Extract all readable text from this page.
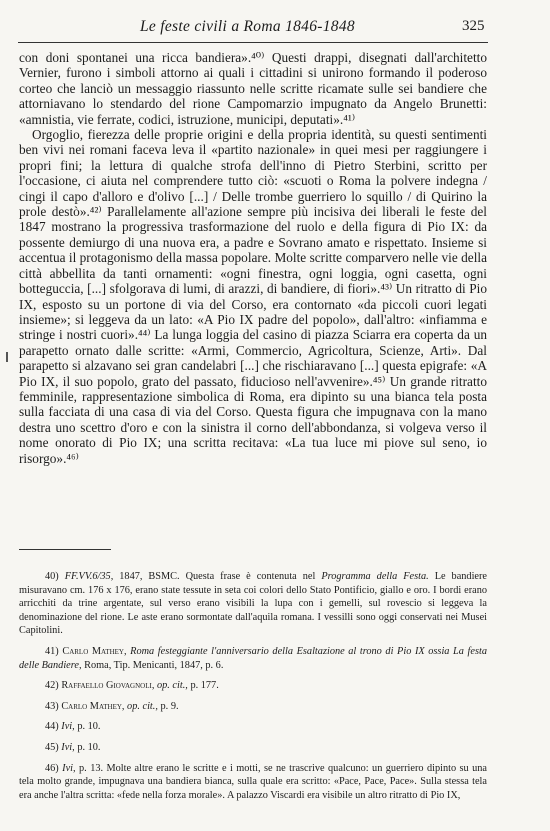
Le feste civili a Roma 1846-1848	325

con doni spontanei una ricca bandiera».⁴⁰⁾ Questi drappi, disegnati dall'architetto Vernier, furono i simboli attorno ai quali i cittadini si unirono formando il poderoso corteo che lanciò un messaggio riassunto nelle scritte ricamate sulle sei bandiere che attorniavano lo stendardo del rione Campomarzio impugnato da Angelo Brunetti: «amnistia, vie ferrate, codici, istruzione, municipi, deputati».⁴¹⁾

Orgoglio, fierezza delle proprie origini e della propria identità, su questi sentimenti ben vivi nei romani faceva leva il «partito nazionale» in quei mesi per raggiungere i propri fini; la lettura di qualche strofa dell'inno di Pietro Sterbini, scritto per l'occasione, ci aiuta nel comprendere tutto ciò: «scuoti o Roma la polvere indegna / cingi il capo d'alloro e d'olivo [...] / Delle trombe guerriero lo squillo / di Quirino la prole destò».⁴²⁾ Parallelamente all'azione sempre più incisiva dei liberali le feste del 1847 mostrano la progressiva trasformazione del ruolo e della figura di Pio IX: da possente demiurgo di una nuova era, a padre e Sovrano amato e rispettato. Insieme si accentua il protagonismo della massa popolare. Molte scritte comparvero nelle vie della città abbellita da tanti ornamenti: «ogni finestra, ogni loggia, ogni casetta, ogni botteguccia, [...] sfolgorava di lumi, di arazzi, di bandiere, di fiori».⁴³⁾ Un ritratto di Pio IX, esposto su un portone di via del Corso, era contornato «da piccoli cuori legati insieme»; si leggeva da un lato: «A Pio IX padre del popolo», dall'altro: «infiamma e stringe i nostri cuori».⁴⁴⁾ La lunga loggia del casino di piazza Sciarra era coperta da un parapetto ornato dalle scritte: «Armi, Commercio, Agricoltura, Scienze, Arti». Dal parapetto si alzavano sei gran candelabri [...] che rischiaravano [...] questa epigrafe: «A Pio IX, il suo popolo, grato del passato, fiducioso nell'avvenire».⁴⁵⁾ Un grande ritratto femminile, rappresentazione simbolica di Roma, era dipinto su una bianca tela posta sulla facciata di una casa di via del Corso. Questa figura che impugnava con la mano destra uno scettro d'oro e con la sinistra il corno dell'abbondanza, si volgeva verso il nome onorato di Pio IX; una scritta recitava: «La tua luce mi piove sul seno, io risorgo».⁴⁶⁾

40) FF.VV.6/35, 1847, BSMC. Questa frase è contenuta nel Programma della Festa. Le bandiere misuravano cm. 176 x 176, erano state tessute in seta coi colori dello Stato Pontificio, giallo e oro. I bordi erano arricchiti da trine argentate, sul verso erano visibili la lupa con i gemelli, sul rovescio si leggeva la denominazione del rione. Le aste erano sormontate dall'aquila romana. I vessilli sono oggi conservati nei Musei Capitolini.

41) Carlo Mathey, Roma festeggiante l'anniversario della Esaltazione al trono di Pio IX ossia La festa delle Bandiere, Roma, Tip. Menicanti, 1847, p. 6.

42) Raffaello Giovagnoli, op. cit., p. 177.

43) Carlo Mathey, op. cit., p. 9.

44) Ivi, p. 10.

45) Ivi, p. 10.

46) Ivi, p. 13. Molte altre erano le scritte e i motti, se ne trascrive qualcuno: un guerriero dipinto su una tela molto grande, impugnava una bandiera bianca, sulla quale era scritto: «Pace, Pace, Pace». Sulla stessa tela era anche l'altra scritta: «fede nella forza morale». A palazzo Viscardi era visibile un altro ritratto di Pio IX,
